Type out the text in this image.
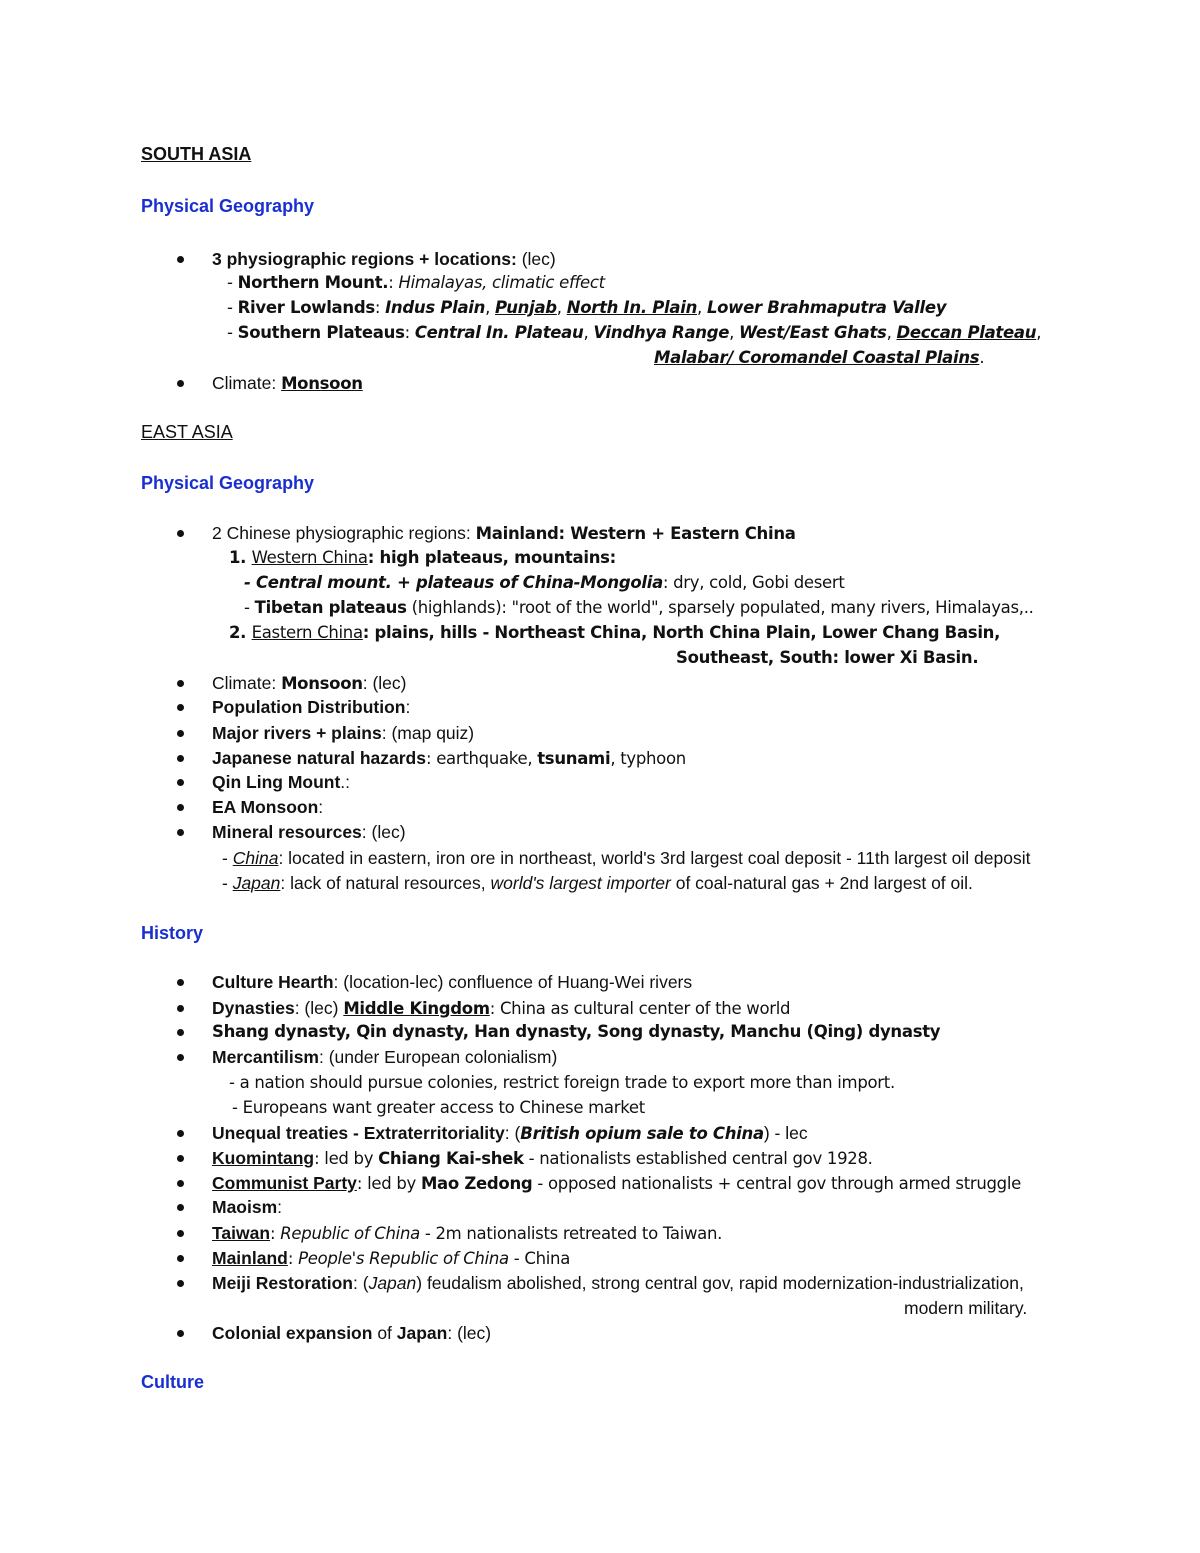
SOUTH ASIA
Physical Geography
3 physiographic regions + locations: (lec)
- Northern Mount.: Himalayas, climatic effect
- River Lowlands: Indus Plain, Punjab, North In. Plain, Lower Brahmaputra Valley
- Southern Plateaus: Central In. Plateau, Vindhya Range, West/East Ghats, Deccan Plateau,
Malabar/ Coromandel Coastal Plains.
Climate: Monsoon
EAST ASIA
Physical Geography
2 Chinese physiographic regions: Mainland: Western + Eastern China
1. Western China: high plateaus, mountains:
- Central mount. + plateaus of China-Mongolia: dry, cold, Gobi desert
- Tibetan plateaus (highlands): "root of the world", sparsely populated, many rivers, Himalayas,..
2. Eastern China: plains, hills - Northeast China, North China Plain, Lower Chang Basin,
Southeast, South: lower Xi Basin.
Climate: Monsoon: (lec)
Population Distribution:
Major rivers + plains: (map quiz)
Japanese natural hazards: earthquake, tsunami, typhoon
Qin Ling Mount.:
EA Monsoon:
Mineral resources: (lec)
- China: located in eastern, iron ore in northeast, world's 3rd largest coal deposit - 11th largest oil deposit
- Japan: lack of natural resources, world's largest importer of coal-natural gas + 2nd largest of oil.
History
Culture Hearth: (location-lec) confluence of Huang-Wei rivers
Dynasties: (lec) Middle Kingdom: China as cultural center of the world
Shang dynasty, Qin dynasty, Han dynasty, Song dynasty, Manchu (Qing) dynasty
Mercantilism: (under European colonialism)
- a nation should pursue colonies, restrict foreign trade to export more than import.
- Europeans want greater access to Chinese market
Unequal treaties - Extraterritoriality: (British opium sale to China) - lec
Kuomintang: led by Chiang Kai-shek - nationalists established central gov 1928.
Communist Party: led by Mao Zedong - opposed nationalists + central gov through armed struggle
Maoism:
Taiwan: Republic of China - 2m nationalists retreated to Taiwan.
Mainland: People's Republic of China - China
Meiji Restoration: (Japan) feudalism abolished, strong central gov, rapid modernization-industrialization,
modern military.
Colonial expansion of Japan: (lec)
Culture
